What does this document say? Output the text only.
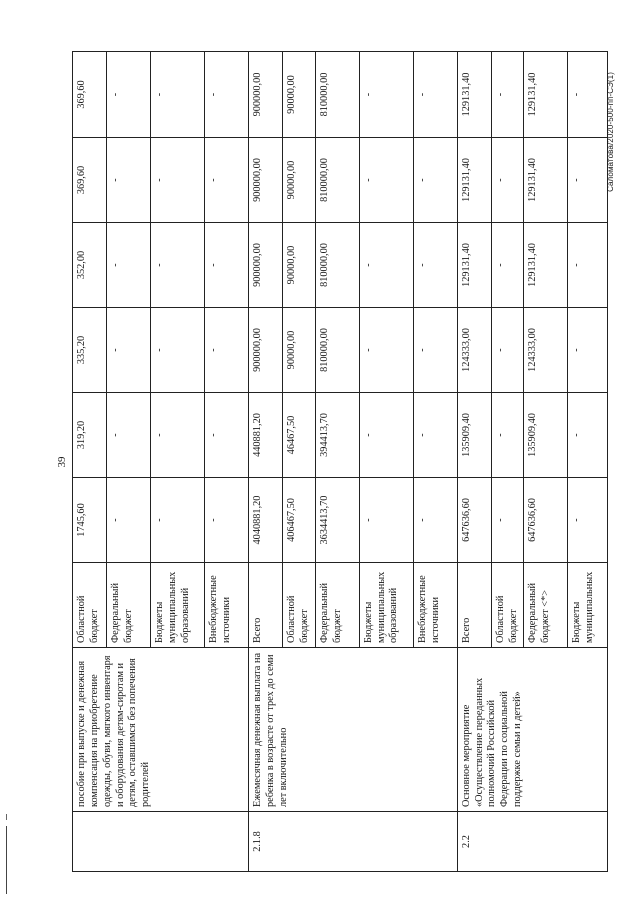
39
	пособие при выпуске и денежная компенсация на приобретение одежды, обуви, мягкого инвентаря и оборудования детям-сиротам и детям, оставшимся без попечения родителей	Областной бюджет	1745,60	319,20	335,20	352,00	369,60	369,60
		Федеральный бюджет	-	-	-	-	-	-
		Бюджеты муниципальных образований	-	-	-	-	-	-
		Внебюджетные источники	-	-	-	-	-	-
2.1.8	Ежемесячная денежная выплата на ребенка в возрасте от трех до семи лет включительно	Всего	4040881,20	440881,20	900000,00	900000,00	900000,00	900000,00
		Областной бюджет	406467,50	46467,50	90000,00	90000,00	90000,00	90000,00
		Федеральный бюджет	3634413,70	394413,70	810000,00	810000,00	810000,00	810000,00
		Бюджеты муниципальных образований	-	-	-	-	-	-
		Внебюджетные источники	-	-	-	-	-	-
2.2	Основное мероприятие «Осуществление переданных полномочий Российской Федерации по социальной поддержке семьи и детей»	Всего	647636,60	135909,40	124333,00	129131,40	129131,40	129131,40
		Областной бюджет	-	-	-	-	-	-
		Федеральный бюджет <*>	647636,60	135909,40	124333,00	129131,40	129131,40	129131,40
		Бюджеты муниципальных	-	-	-	-	-	-	Cаломатова/2020-500-пп-СЭ(1)
